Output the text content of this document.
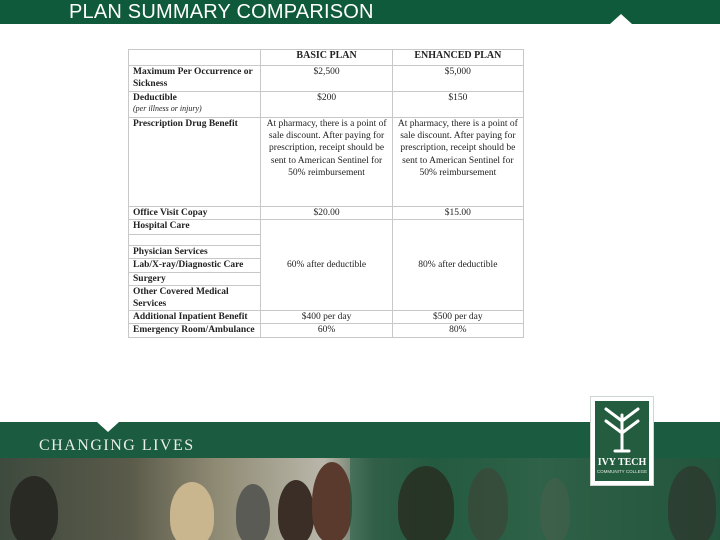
PLAN SUMMARY COMPARISON
	BASIC PLAN	ENHANCED PLAN
Maximum Per Occurrence or Sickness	$2,500	$5,000
Deductible
(per illness or injury)	$200	$150
Prescription Drug Benefit	At pharmacy, there is a point of sale discount. After paying for prescription, receipt should be sent to American Sentinel for 50% reimbursement	At pharmacy, there is a point of sale discount. After paying for prescription, receipt should be sent to American Sentinel for 50% reimbursement
Office Visit Copay	$20.00	$15.00
Hospital Care	60% after deductible	80% after deductible

Physician Services		
Lab/X-ray/Diagnostic Care		
Surgery		
Other Covered Medical Services		
Additional Inpatient Benefit	$400 per day	$500 per day
Emergency Room/Ambulance	60%	80%
CHANGING LIVES
IVY TECH
COMMUNITY COLLEGE
